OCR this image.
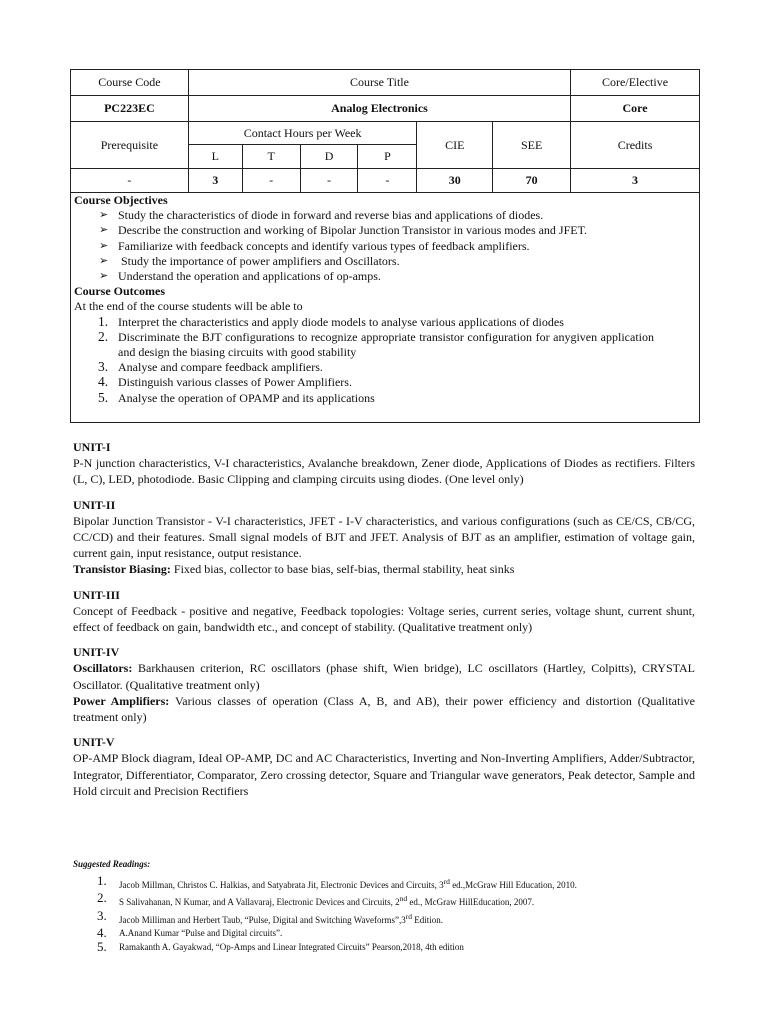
Course Code	Course Title						Core/Elective
PC223EC	Analog Electronics						Core
Prerequisite	Contact Hours per Week				CIE	SEE	Credits
	L	T	D	P			
-	3	-	-	-	30	70	3
Course Objectives
➢ Study the characteristics of diode in forward and reverse bias and applications of diodes.
➢ Describe the construction and working of Bipolar Junction Transistor in various modes and JFET.
➢ Familiarize with feedback concepts and identify various types of feedback amplifiers.
➢ Study the importance of power amplifiers and Oscillators.
➢ Understand the operation and applications of op-amps.
Course Outcomes
At the end of the course students will be able to
1. Interpret the characteristics and apply diode models to analyse various applications of diodes
2. Discriminate the BJT configurations to recognize appropriate transistor configuration for anygiven application and design the biasing circuits with good stability
3. Analyse and compare feedback amplifiers.
4. Distinguish various classes of Power Amplifiers.
5. Analyse the operation of OPAMP and its applications
UNIT-I

P-N junction characteristics, V-I characteristics, Avalanche breakdown, Zener diode, Applications of Diodes as rectifiers. Filters (L, C), LED, photodiode. Basic Clipping and clamping circuits using diodes. (One level only)

UNIT-II

Bipolar Junction Transistor - V-I characteristics, JFET - I-V characteristics, and various configurations (such as CE/CS, CB/CG, CC/CD) and their features. Small signal models of BJT and JFET. Analysis of BJT as an amplifier, estimation of voltage gain, current gain, input resistance, output resistance.

Transistor Biasing: Fixed bias, collector to base bias, self-bias, thermal stability, heat sinks

UNIT-III

Concept of Feedback - positive and negative, Feedback topologies: Voltage series, current series, voltage shunt, current shunt, effect of feedback on gain, bandwidth etc., and concept of stability. (Qualitative treatment only)

UNIT-IV

Oscillators: Barkhausen criterion, RC oscillators (phase shift, Wien bridge), LC oscillators (Hartley, Colpitts), CRYSTAL Oscillator. (Qualitative treatment only)

Power Amplifiers: Various classes of operation (Class A, B, and AB), their power efficiency and distortion (Qualitative treatment only)

UNIT-V

OP-AMP Block diagram, Ideal OP-AMP, DC and AC Characteristics, Inverting and Non-Inverting Amplifiers, Adder/Subtractor, Integrator, Differentiator, Comparator, Zero crossing detector, Square and Triangular wave generators, Peak detector, Sample and Hold circuit and Precision Rectifiers

Suggested Readings:
1. Jacob Millman, Christos C. Halkias, and Satyabrata Jit, Electronic Devices and Circuits, 3rd ed.,McGraw Hill Education, 2010.
2. S Salivahanan, N Kumar, and A Vallavaraj, Electronic Devices and Circuits, 2nd ed., McGraw HillEducation, 2007.
3. Jacob Milliman and Herbert Taub, “Pulse, Digital and Switching Waveforms”,3rd Edition.
4. A.Anand Kumar “Pulse and Digital circuits”.
5. Ramakanth A. Gayakwad, “Op-Amps and Linear Integrated Circuits” Pearson,2018, 4th edition
